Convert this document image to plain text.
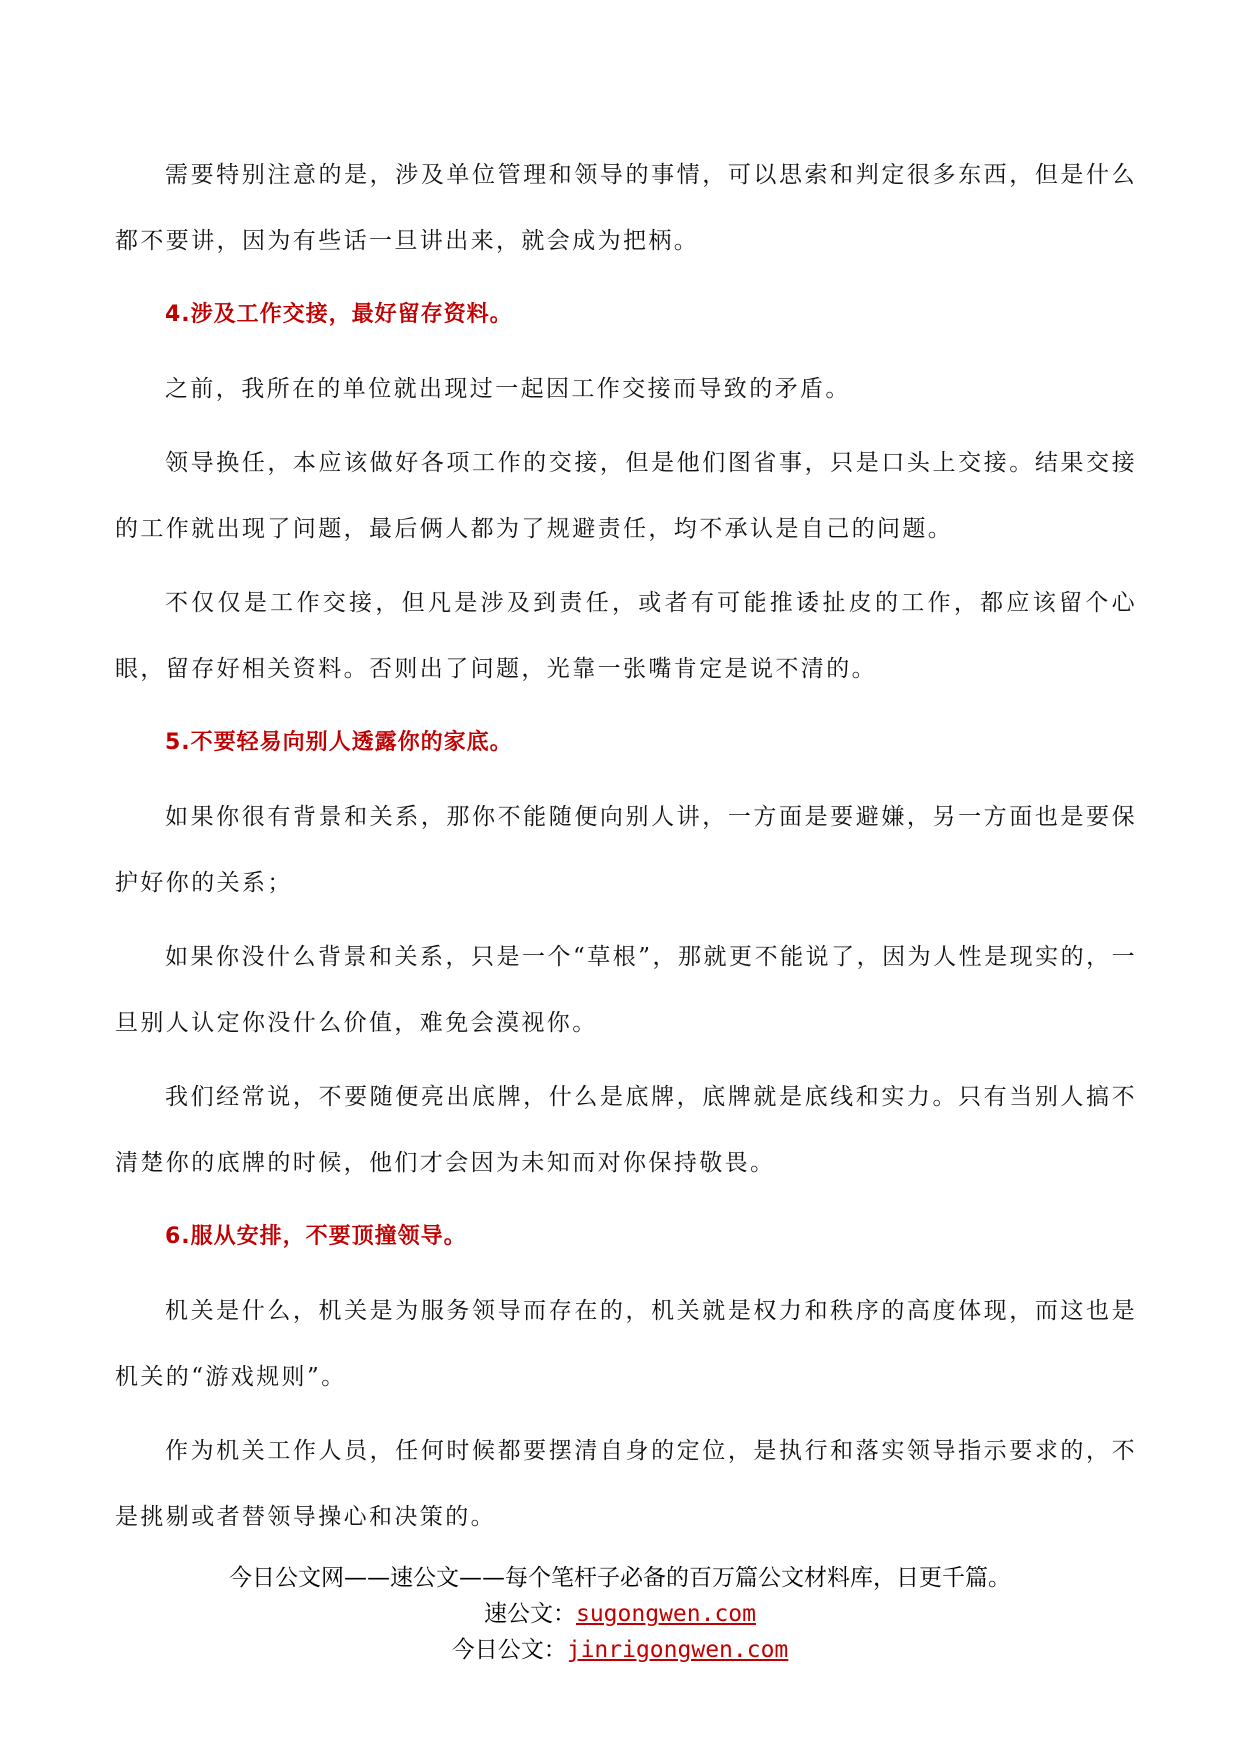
需要特别注意的是，涉及单位管理和领导的事情，可以思索和判定很多东西，但是什么都不要讲，因为有些话一旦讲出来，就会成为把柄。

4.涉及工作交接，最好留存资料。

之前，我所在的单位就出现过一起因工作交接而导致的矛盾。

领导换任，本应该做好各项工作的交接，但是他们图省事，只是口头上交接。结果交接的工作就出现了问题，最后俩人都为了规避责任，均不承认是自己的问题。

不仅仅是工作交接，但凡是涉及到责任，或者有可能推诿扯皮的工作，都应该留个心眼，留存好相关资料。否则出了问题，光靠一张嘴肯定是说不清的。

5.不要轻易向别人透露你的家底。

如果你很有背景和关系，那你不能随便向别人讲，一方面是要避嫌，另一方面也是要保护好你的关系；

如果你没什么背景和关系，只是一个“草根”，那就更不能说了，因为人性是现实的，一旦别人认定你没什么价值，难免会漠视你。

我们经常说，不要随便亮出底牌，什么是底牌，底牌就是底线和实力。只有当别人搞不清楚你的底牌的时候，他们才会因为未知而对你保持敬畏。

6.服从安排，不要顶撞领导。

机关是什么，机关是为服务领导而存在的，机关就是权力和秩序的高度体现，而这也是机关的“游戏规则”。

作为机关工作人员，任何时候都要摆清自身的定位，是执行和落实领导指示要求的，不是挑剔或者替领导操心和决策的。

今日公文网——速公文——每个笔杆子必备的百万篇公文材料库，日更千篇。
速公文：sugongwen.com
今日公文：jinrigongwen.com
